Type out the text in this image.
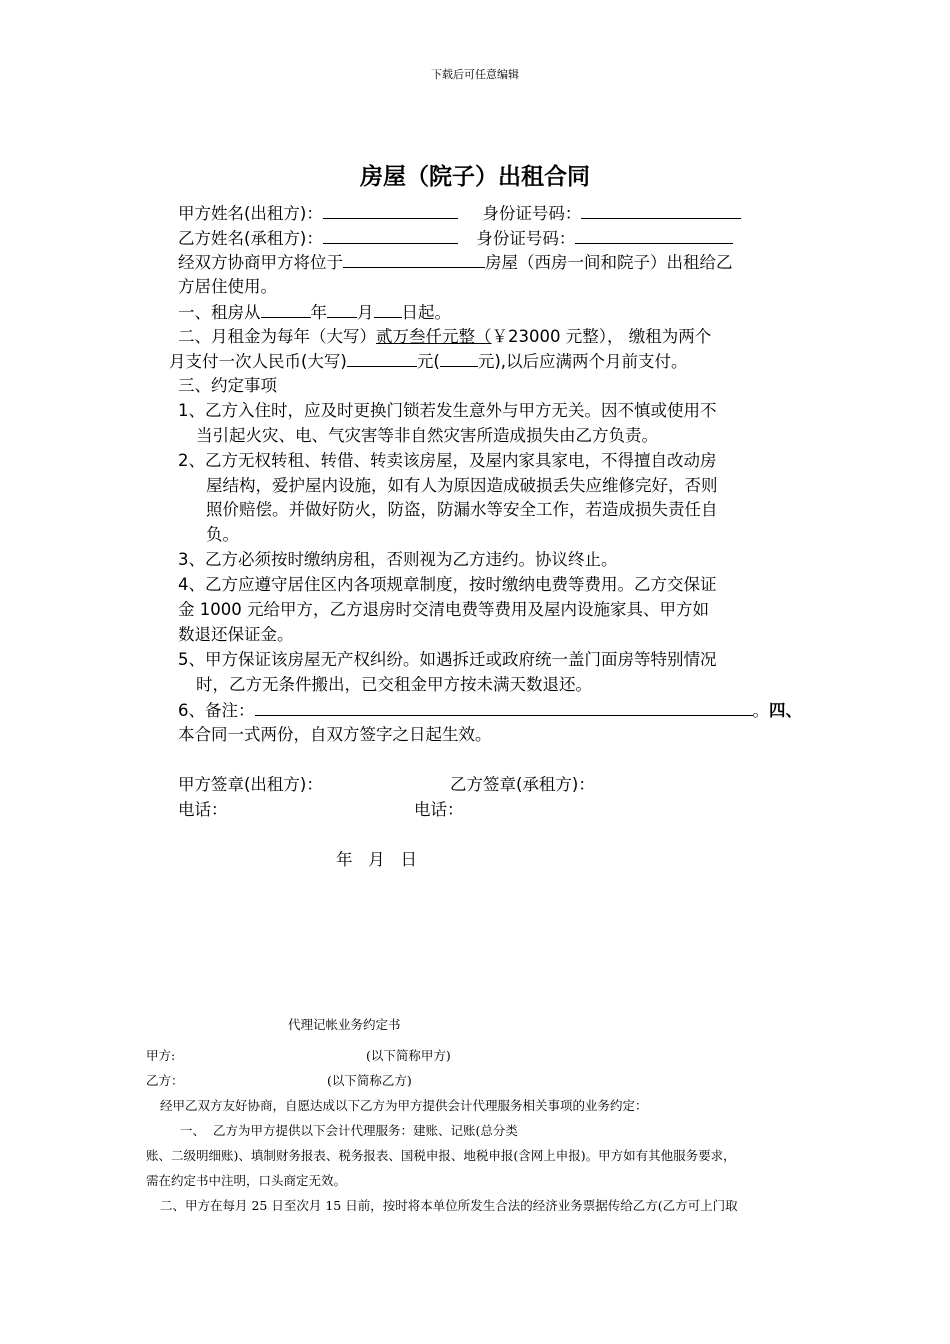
下载后可任意编辑
房屋（院子）出租合同
甲方姓名(出租方)：	身份证号码：
乙方姓名(承租方)：	身份证号码：
经双方协商甲方将位于	房屋（西房一间和院子）出租给乙
方居住使用。
一、租房从	年 月 日起。
二、月租金为每年（大写）贰万叁仟元整（￥23000 元整）， 缴租为两个
月支付一次人民币(大写)	元( 元),以后应满两个月前支付。
三、约定事项
1、乙方入住时，应及时更换门锁若发生意外与甲方无关。因不慎或使用不
当引起火灾、电、气灾害等非自然灾害所造成损失由乙方负责。
2、乙方无权转租、转借、转卖该房屋，及屋内家具家电，不得擅自改动房
屋结构，爱护屋内设施，如有人为原因造成破损丢失应维修完好，否则
照价赔偿。并做好防火，防盗，防漏水等安全工作，若造成损失责任自
负。
3、乙方必须按时缴纳房租，否则视为乙方违约。协议终止。
4、乙方应遵守居住区内各项规章制度，按时缴纳电费等费用。乙方交保证
金 1000 元给甲方，乙方退房时交清电费等费用及屋内设施家具、甲方如
数退还保证金。
5、甲方保证该房屋无产权纠纷。如遇拆迁或政府统一盖门面房等特别情况
时，乙方无条件搬出，已交租金甲方按未满天数退还。
6、备注：	。四、
本合同一式两份，自双方签字之日起生效。
甲方签章(出租方)：	乙方签章(承租方)：
电话：	电话：
年   月   日
代理记帐业务约定书
甲方:	(以下简称甲方)
乙方：	(以下简称乙方)
经甲乙双方友好协商，自愿达成以下乙方为甲方提供会计代理服务相关事项的业务约定：
一、  乙方为甲方提供以下会计代理服务：建账、记账(总分类
账、二级明细账)、填制财务报表、税务报表、国税申报、地税申报(含网上申报)。甲方如有其他服务要求，
需在约定书中注明，口头商定无效。
二、甲方在每月 25 日至次月 15 日前，按时将本单位所发生合法的经济业务票据传给乙方(乙方可上门取
